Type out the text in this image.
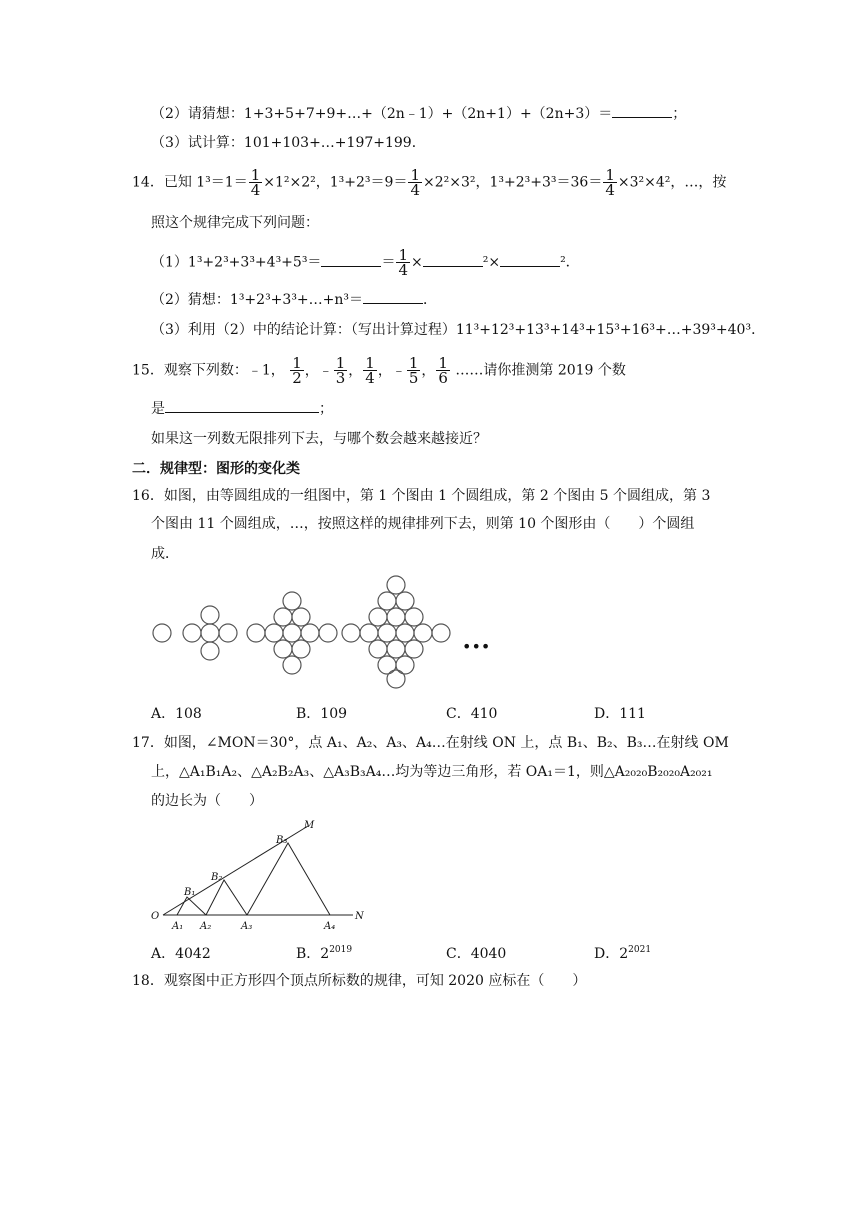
（2）请猜想：1+3+5+7+9+…+（2n﹣1）+（2n+1）+（2n+3）＝	；
（3）试计算：101+103+…+197+199．
14．已知 $1^3=1= \frac{1}{4} \times 1^2\times 2^2$，$1^3+2^3=9= \frac{1}{4} \times 2^2\times 3^2$，$1^3+2^3+3^3=36= \frac{1}{4} \times 3^2\times 4^2$，…，按
照这个规律完成下列问题：
（1）1³+2³+3³+4³+5³＝	＝ $\frac{1}{4}$ ×	²×	²．
（2）猜想：1³+2³+3³+…+n³＝	．
（3）利用（2）中的结论计算：（写出计算过程）11³+12³+13³+14³+15³+16³+…+39³+40³．
15．观察下列数：﹣1， $\frac{1}{2}$ ，﹣ $\frac{1}{3}$ ， $\frac{1}{4}$ ，﹣ $\frac{1}{5}$ ， $\frac{1}{6}$ ……请你推测第 2019 个数
是	；
如果这一列数无限排列下去，与哪个数会越来越接近？
二．规律型：图形的变化类
16．如图，由等圆组成的一组图中，第 1 个图由 1 个圆组成，第 2 个图由 5 个圆组成，第 3
个图由 11 个圆组成，…，按照这样的规律排列下去，则第 10 个图形由（　　）个圆组
成．
•••
A．108	B．109	C．410	D．111
17．如图，∠MON＝30°，点 A₁、A₂、A₃、A₄…在射线 ON 上，点 B₁、B₂、B₃…在射线 OM
上，△A₁B₁A₂、△A₂B₂A₃、△A₃B₃A₄…均为等边三角形，若 OA₁＝1，则△A₂₀₂₀B₂₀₂₀A₂₀₂₁
的边长为（　　）
O	N
M
A₁ A₂	A₃	A₄
B₁
B₂
B₃
A．4042	B．$2^{2019}$	C．4040	D．$2^{2021}$
18．观察图中正方形四个顶点所标数的规律，可知 2020 应标在（　　）
